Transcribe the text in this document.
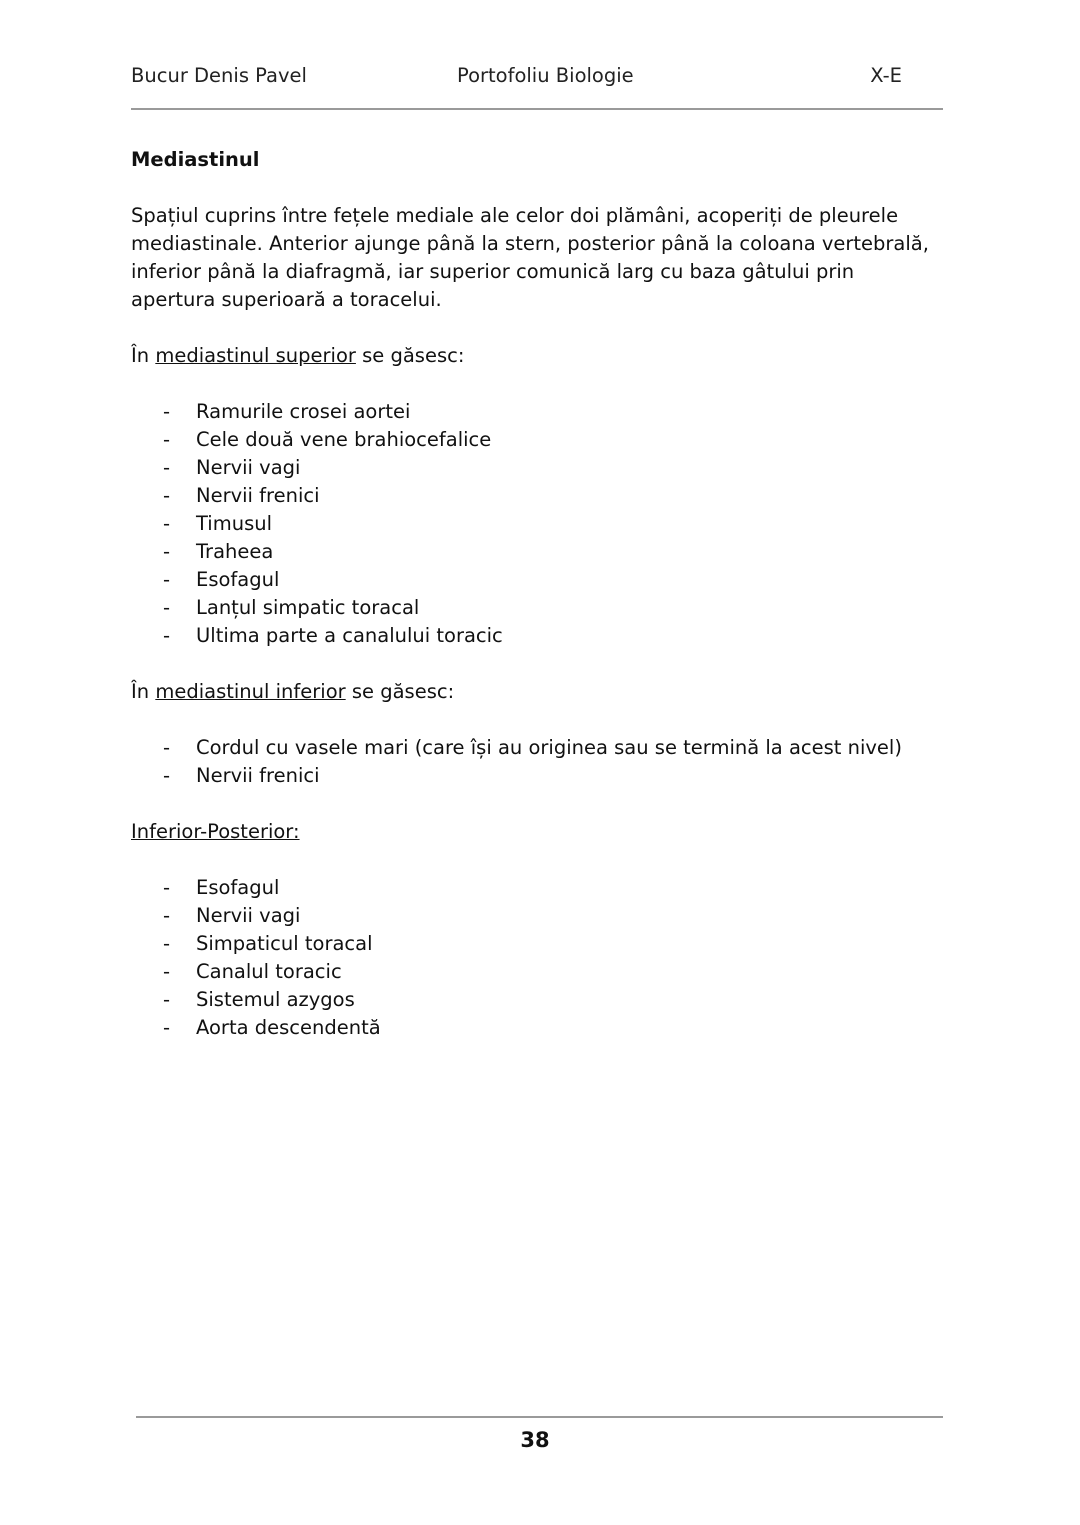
Bucur Denis Pavel	Portofoliu Biologie	X-E
Mediastinul
Spațiul cuprins între fețele mediale ale celor doi plămâni, acoperiți de pleurele mediastinale. Anterior ajunge până la stern, posterior până la coloana vertebrală, inferior până la diafragmă, iar superior comunică larg cu baza gâtului prin apertura superioară a toracelui.
În mediastinul superior se găsesc:
- Ramurile crosei aortei
- Cele două vene brahiocefalice
- Nervii vagi
- Nervii frenici
- Timusul
- Traheea
- Esofagul
- Lanțul simpatic toracal
- Ultima parte a canalului toracic
În mediastinul inferior se găsesc:
- Cordul cu vasele mari (care își au originea sau se termină la acest nivel)
- Nervii frenici
Inferior-Posterior:
- Esofagul
- Nervii vagi
- Simpaticul toracal
- Canalul toracic
- Sistemul azygos
- Aorta descendentă
38
